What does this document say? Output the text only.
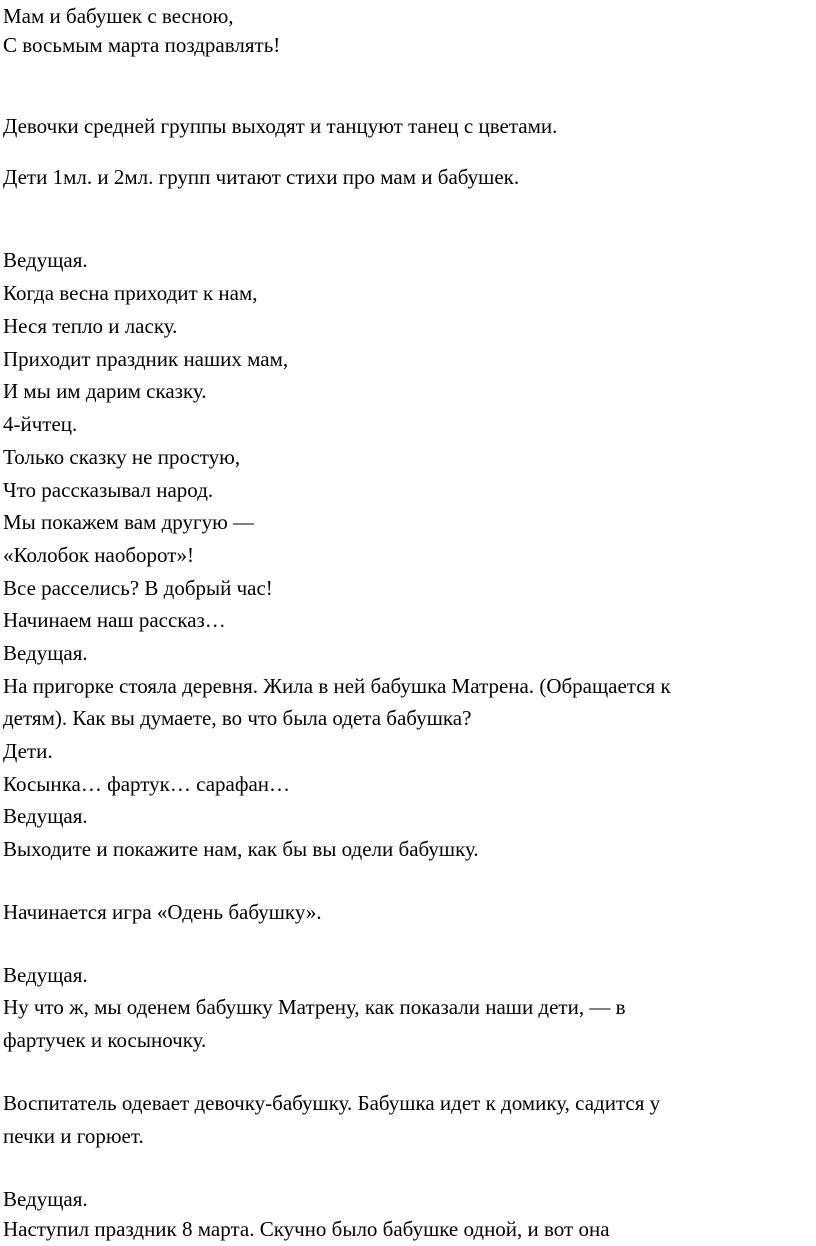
Мам и бабушек с весною,
С восьмым марта поздравлять!
Девочки средней группы выходят и танцуют танец с цветами.
Дети 1мл. и 2мл. групп читают стихи про мам и бабушек.
Ведущая.
Когда весна приходит к нам,
Неся тепло и ласку.
Приходит праздник наших мам,
И мы им дарим сказку.
4-йчтец.
Только сказку не простую,
Что рассказывал народ.
Мы покажем вам другую —
«Колобок наоборот»!
Все расселись? В добрый час!
Начинаем наш рассказ…
Ведущая.
На пригорке стояла деревня. Жила в ней бабушка Матрена. (Обращается к
детям). Как вы думаете, во что была одета бабушка?
Дети.
Косынка… фартук… сарафан…
Ведущая.
Выходите и покажите нам, как бы вы одели бабушку.
Начинается игра «Одень бабушку».
Ведущая.
Ну что ж, мы оденем бабушку Матрену, как показали наши дети, — в
фартучек и косыночку.
Воспитатель одевает девочку-бабушку. Бабушка идет к домику, садится у
печки и горюет.
Ведущая.
Наступил праздник 8 марта. Скучно было бабушке одной, и вот она
